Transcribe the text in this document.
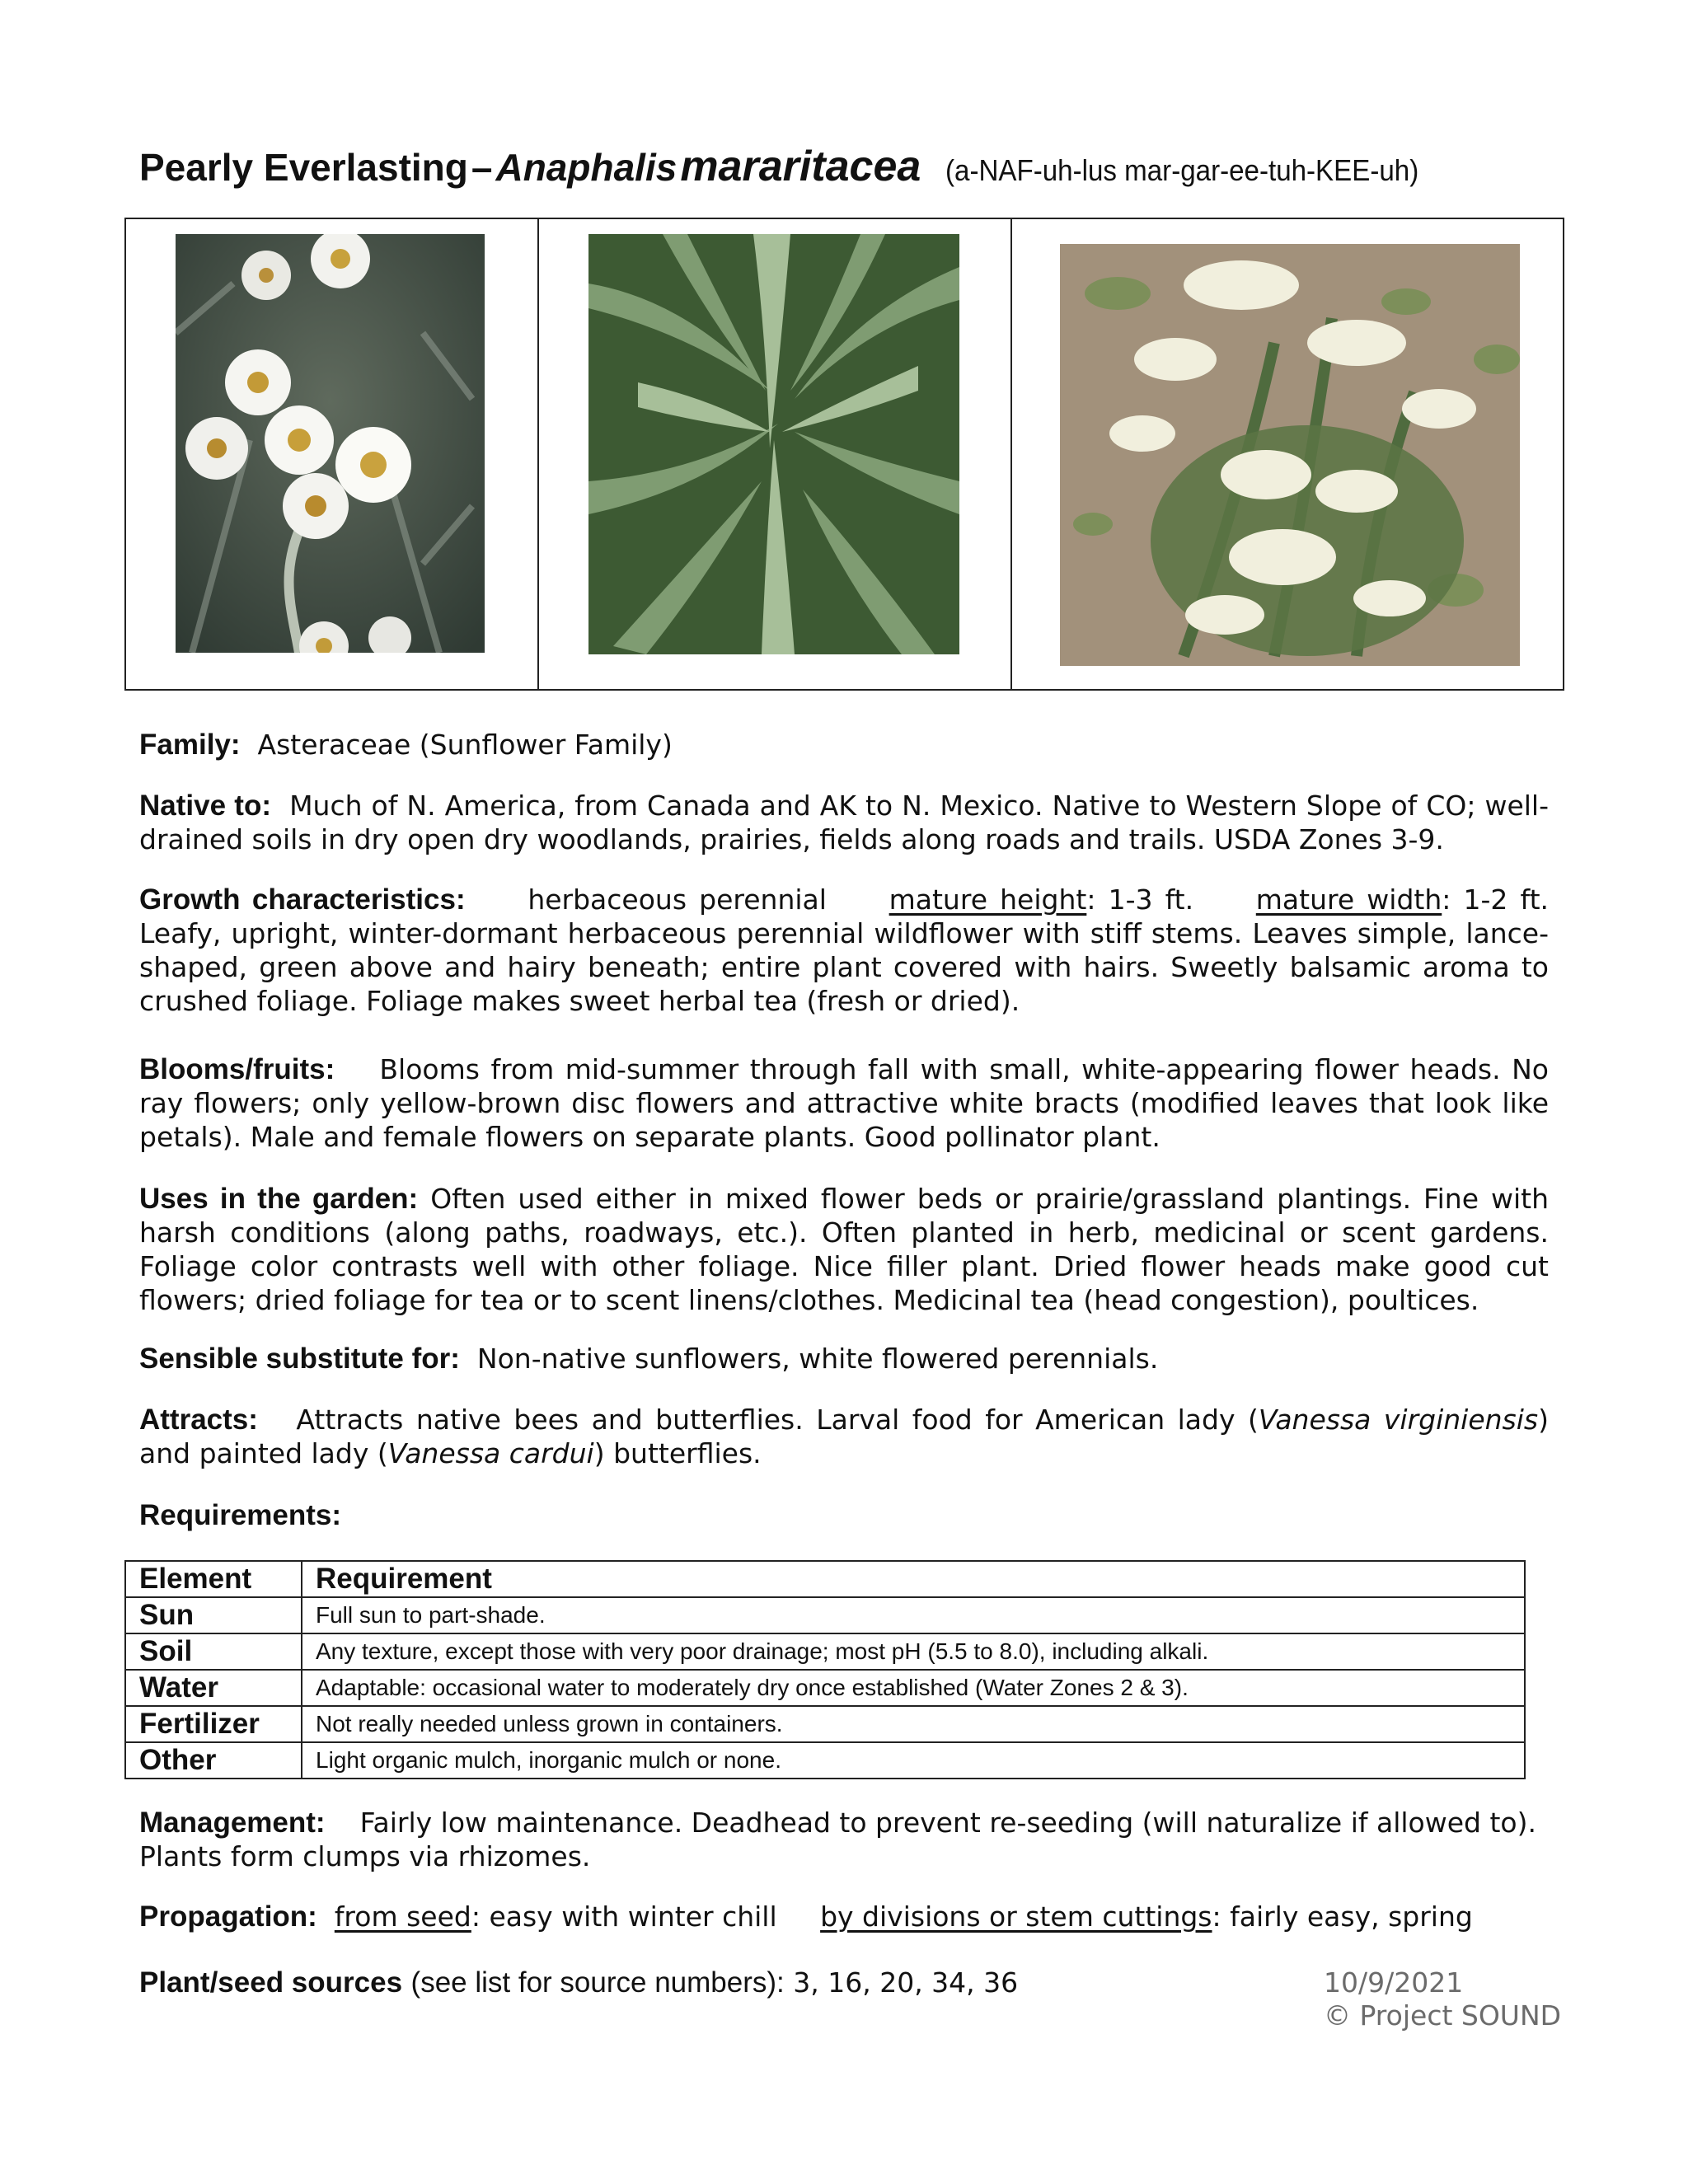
Pearly Everlasting – Anaphalis mararitacea (a-NAF-uh-lus mar-gar-ee-tuh-KEE-uh)
Family: Asteraceae (Sunflower Family)
Native to: Much of N. America, from Canada and AK to N. Mexico. Native to Western Slope of CO; well-drained soils in dry open dry woodlands, prairies, fields along roads and trails. USDA Zones 3-9.
Growth characteristics: herbaceous perennial mature height: 1-3 ft. mature width: 1-2 ft. Leafy, upright, winter-dormant herbaceous perennial wildflower with stiff stems. Leaves simple, lance-shaped, green above and hairy beneath; entire plant covered with hairs. Sweetly balsamic aroma to crushed foliage. Foliage makes sweet herbal tea (fresh or dried).
Blooms/fruits: Blooms from mid-summer through fall with small, white-appearing flower heads. No ray flowers; only yellow-brown disc flowers and attractive white bracts (modified leaves that look like petals). Male and female flowers on separate plants. Good pollinator plant.
Uses in the garden: Often used either in mixed flower beds or prairie/grassland plantings. Fine with harsh conditions (along paths, roadways, etc.). Often planted in herb, medicinal or scent gardens. Foliage color contrasts well with other foliage. Nice filler plant. Dried flower heads make good cut flowers; dried foliage for tea or to scent linens/clothes. Medicinal tea (head congestion), poultices.
Sensible substitute for: Non-native sunflowers, white flowered perennials.
Attracts: Attracts native bees and butterflies. Larval food for American lady (Vanessa virginiensis) and painted lady (Vanessa cardui) butterflies.
Requirements:
Element	Requirement
Sun	Full sun to part-shade.
Soil	Any texture, except those with very poor drainage; most pH (5.5 to 8.0), including alkali.
Water	Adaptable: occasional water to moderately dry once established (Water Zones 2 & 3).
Fertilizer	Not really needed unless grown in containers.
Other	Light organic mulch, inorganic mulch or none.
Management: Fairly low maintenance. Deadhead to prevent re-seeding (will naturalize if allowed to). Plants form clumps via rhizomes.
Propagation: from seed: easy with winter chill by divisions or stem cuttings: fairly easy, spring
Plant/seed sources (see list for source numbers): 3, 16, 20, 34, 36	10/9/2021
© Project SOUND
